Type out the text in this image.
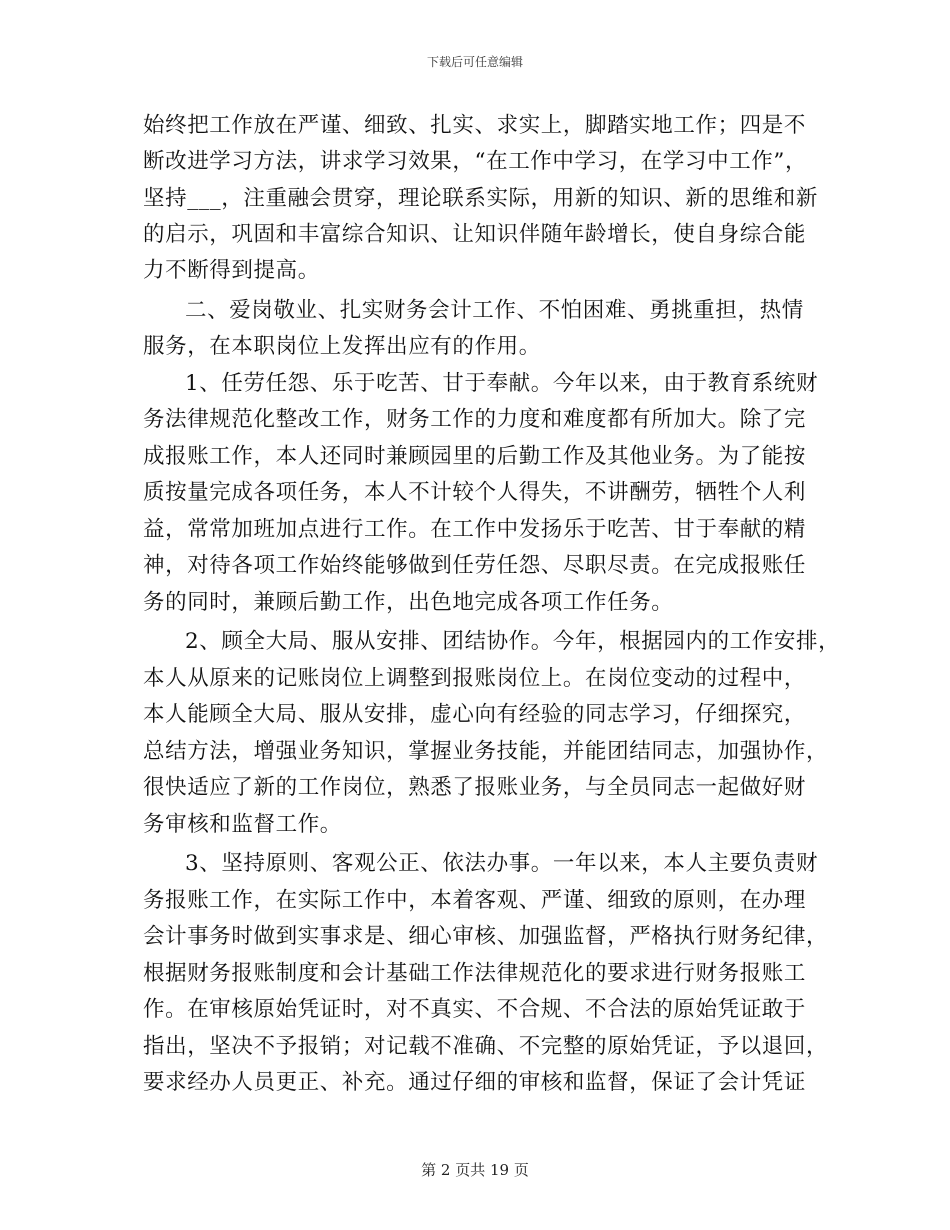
下载后可任意编辑
始终把工作放在严谨、细致、扎实、求实上，脚踏实地工作；四是不
断改进学习方法，讲求学习效果，“在工作中学习，在学习中工作”，
坚持___，注重融会贯穿，理论联系实际，用新的知识、新的思维和新
的启示，巩固和丰富综合知识、让知识伴随年龄增长，使自身综合能
力不断得到提高。
二、爱岗敬业、扎实财务会计工作、不怕困难、勇挑重担，热情
服务，在本职岗位上发挥出应有的作用。
1、任劳任怨、乐于吃苦、甘于奉献。今年以来，由于教育系统财
务法律规范化整改工作，财务工作的力度和难度都有所加大。除了完
成报账工作，本人还同时兼顾园里的后勤工作及其他业务。为了能按
质按量完成各项任务，本人不计较个人得失，不讲酬劳，牺牲个人利
益，常常加班加点进行工作。在工作中发扬乐于吃苦、甘于奉献的精
神，对待各项工作始终能够做到任劳任怨、尽职尽责。在完成报账任
务的同时，兼顾后勤工作，出色地完成各项工作任务。
2、顾全大局、服从安排、团结协作。今年，根据园内的工作安排，
本人从原来的记账岗位上调整到报账岗位上。在岗位变动的过程中，
本人能顾全大局、服从安排，虚心向有经验的同志学习，仔细探究，
总结方法，增强业务知识，掌握业务技能，并能团结同志，加强协作，
很快适应了新的工作岗位，熟悉了报账业务，与全员同志一起做好财
务审核和监督工作。
3、坚持原则、客观公正、依法办事。一年以来，本人主要负责财
务报账工作，在实际工作中，本着客观、严谨、细致的原则，在办理
会计事务时做到实事求是、细心审核、加强监督，严格执行财务纪律，
根据财务报账制度和会计基础工作法律规范化的要求进行财务报账工
作。在审核原始凭证时，对不真实、不合规、不合法的原始凭证敢于
指出，坚决不予报销；对记载不准确、不完整的原始凭证，予以退回，
要求经办人员更正、补充。通过仔细的审核和监督，保证了会计凭证
第 2 页共 19 页
